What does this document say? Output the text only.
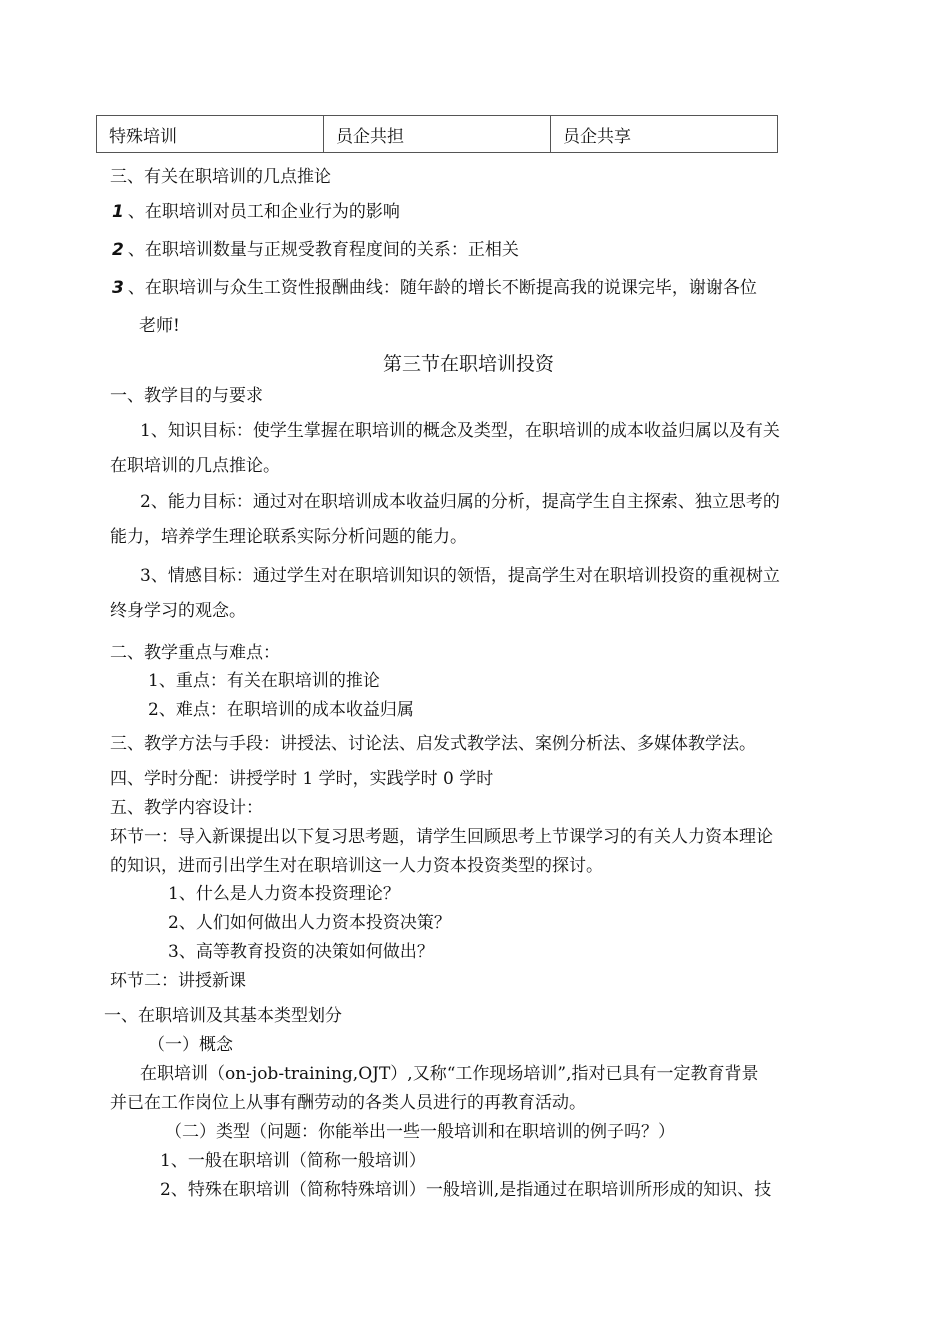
特殊培训	员企共担	员企共享
三、有关在职培训的几点推论
1 、在职培训对员工和企业行为的影响
2 、在职培训数量与正规受教育程度间的关系：正相关
3 、在职培训与众生工资性报酬曲线：随年龄的增长不断提高我的说课完毕，谢谢各位
老师!
第三节在职培训投资
一、教学目的与要求
1、知识目标：使学生掌握在职培训的概念及类型，在职培训的成本收益归属以及有关
在职培训的几点推论。
2、能力目标：通过对在职培训成本收益归属的分析，提高学生自主探索、独立思考的
能力，培养学生理论联系实际分析问题的能力。
3、情感目标：通过学生对在职培训知识的领悟，提高学生对在职培训投资的重视树立
终身学习的观念。
二、教学重点与难点：
1、重点：有关在职培训的推论
2、难点：在职培训的成本收益归属
三、教学方法与手段：讲授法、讨论法、启发式教学法、案例分析法、多媒体教学法。
四、学时分配：讲授学时 1 学时，实践学时 0 学时
五、教学内容设计：
环节一：导入新课提出以下复习思考题，请学生回顾思考上节课学习的有关人力资本理论
的知识，进而引出学生对在职培训这一人力资本投资类型的探讨。
1、什么是人力资本投资理论？
2、人们如何做出人力资本投资决策？
3、高等教育投资的决策如何做出？
环节二：讲授新课
一、在职培训及其基本类型划分
（一）概念
在职培训（on-job-training,OJT）,又称“工作现场培训”,指对已具有一定教育背景
并已在工作岗位上从事有酬劳动的各类人员进行的再教育活动。
（二）类型（问题：你能举出一些一般培训和在职培训的例子吗？）
1、一般在职培训（简称一般培训）
2、特殊在职培训（简称特殊培训）一般培训,是指通过在职培训所形成的知识、技
